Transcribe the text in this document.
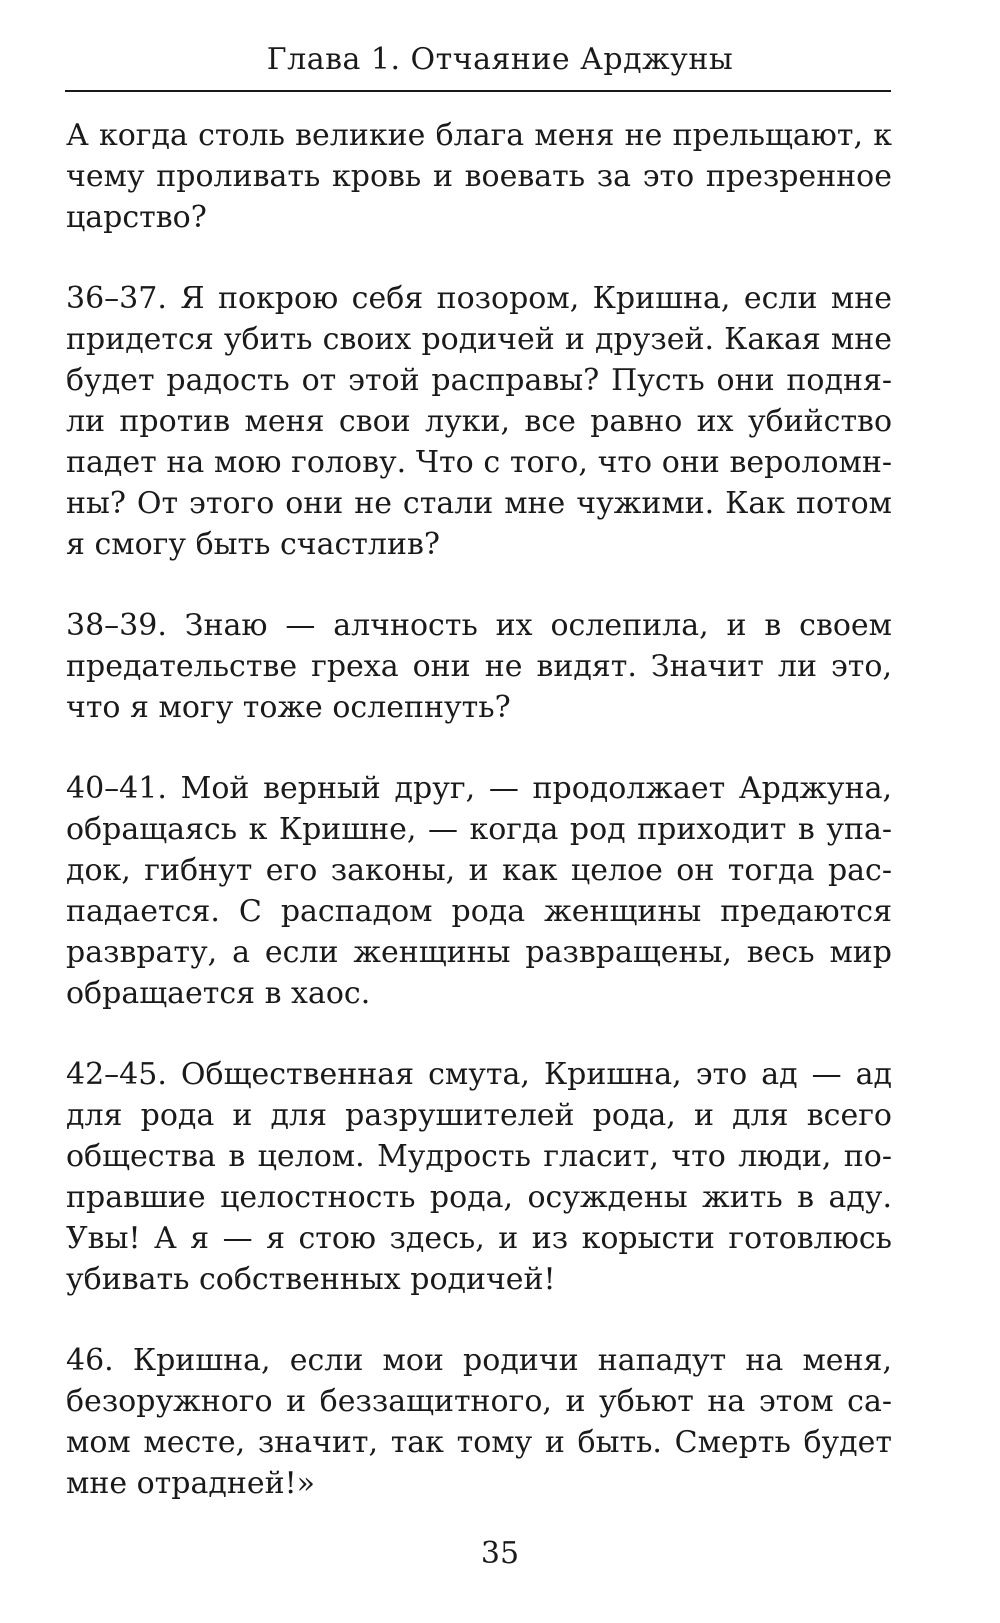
Глава 1. Отчаяние Арджуны
А когда столь великие блага меня не прельщают, к
чему проливать кровь и воевать за это презренное
царство?
36–37. Я покрою себя позором, Кришна, если мне
придется убить своих родичей и друзей. Какая мне
будет радость от этой расправы? Пусть они подня-
ли против меня свои луки, все равно их убийство
падет на мою голову. Что с того, что они вероломн-
ны? От этого они не стали мне чужими. Как потом
я смогу быть счастлив?
38–39. Знаю — алчность их ослепила, и в своем
предательстве греха они не видят. Значит ли это,
что я могу тоже ослепнуть?
40–41. Мой верный друг, — продолжает Арджуна,
обращаясь к Кришне, — когда род приходит в упа-
док, гибнут его законы, и как целое он тогда рас-
падается. С распадом рода женщины предаются
разврату, а если женщины развращены, весь мир
обращается в хаос.
42–45. Общественная смута, Кришна, это ад — ад
для рода и для разрушителей рода, и для всего
общества в целом. Мудрость гласит, что люди, по-
правшие целостность рода, осуждены жить в аду.
Увы! А я — я стою здесь, и из корысти готовлюсь
убивать собственных родичей!
46. Кришна, если мои родичи нападут на меня,
безоружного и беззащитного, и убьют на этом са-
мом месте, значит, так тому и быть. Смерть будет
мне отрадней!»
35
